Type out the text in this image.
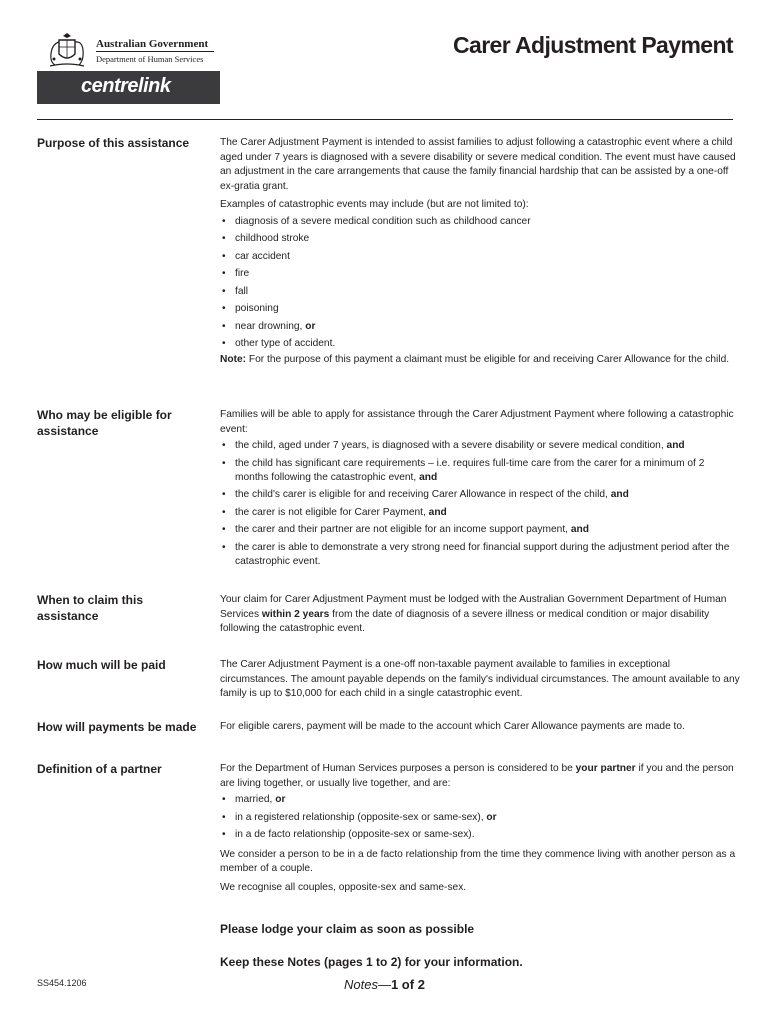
Australian Government
Department of Human Services
centrelink
Carer Adjustment Payment
Purpose of this assistance	The Carer Adjustment Payment is intended to assist families to adjust following a catastrophic event where a child aged under 7 years is diagnosed with a severe disability or severe medical condition. The event must have caused an adjustment in the care arrangements that cause the family financial hardship that can be assisted by a one-off ex-gratia grant.

Examples of catastrophic events may include (but are not limited to):

• diagnosis of a severe medical condition such as childhood cancer
• childhood stroke
• car accident
• fire
• fall
• poisoning
• near drowning, or
• other type of accident.

Note: For the purpose of this payment a claimant must be eligible for and receiving Carer Allowance for the child.

Who may be eligible for assistance

Families will be able to apply for assistance through the Carer Adjustment Payment where following a catastrophic event:

• the child, aged under 7 years, is diagnosed with a severe disability or severe medical condition, and
• the child has significant care requirements – i.e. requires full-time care from the carer for a minimum of 2 months following the catastrophic event, and
• the child's carer is eligible for and receiving Carer Allowance in respect of the child, and
• the carer is not eligible for Carer Payment, and
• the carer and their partner are not eligible for an income support payment, and
• the carer is able to demonstrate a very strong need for financial support during the adjustment period after the catastrophic event.
When to claim this assistance

Your claim for Carer Adjustment Payment must be lodged with the Australian Government Department of Human Services within 2 years from the date of diagnosis of a severe illness or medical condition or major disability following the catastrophic event.

How much will be paid	The Carer Adjustment Payment is a one-off non-taxable payment available to families in exceptional circumstances. The amount payable depends on the family's individual circumstances. The amount available to any family is up to $10,000 for each child in a single catastrophic event.

How will payments be made	For eligible carers, payment will be made to the account which Carer Allowance payments are made to.

Definition of a partner	For the Department of Human Services purposes a person is considered to be your partner if you and the person are living together, or usually live together, and are:

• married, or
• in a registered relationship (opposite-sex or same-sex), or
• in a de facto relationship (opposite-sex or same-sex).

We consider a person to be in a de facto relationship from the time they commence living with another person as a member of a couple.

We recognise all couples, opposite-sex and same-sex.

Please lodge your claim as soon as possible
Keep these Notes (pages 1 to 2) for your information.
SS454.1206	Notes—1 of 2
